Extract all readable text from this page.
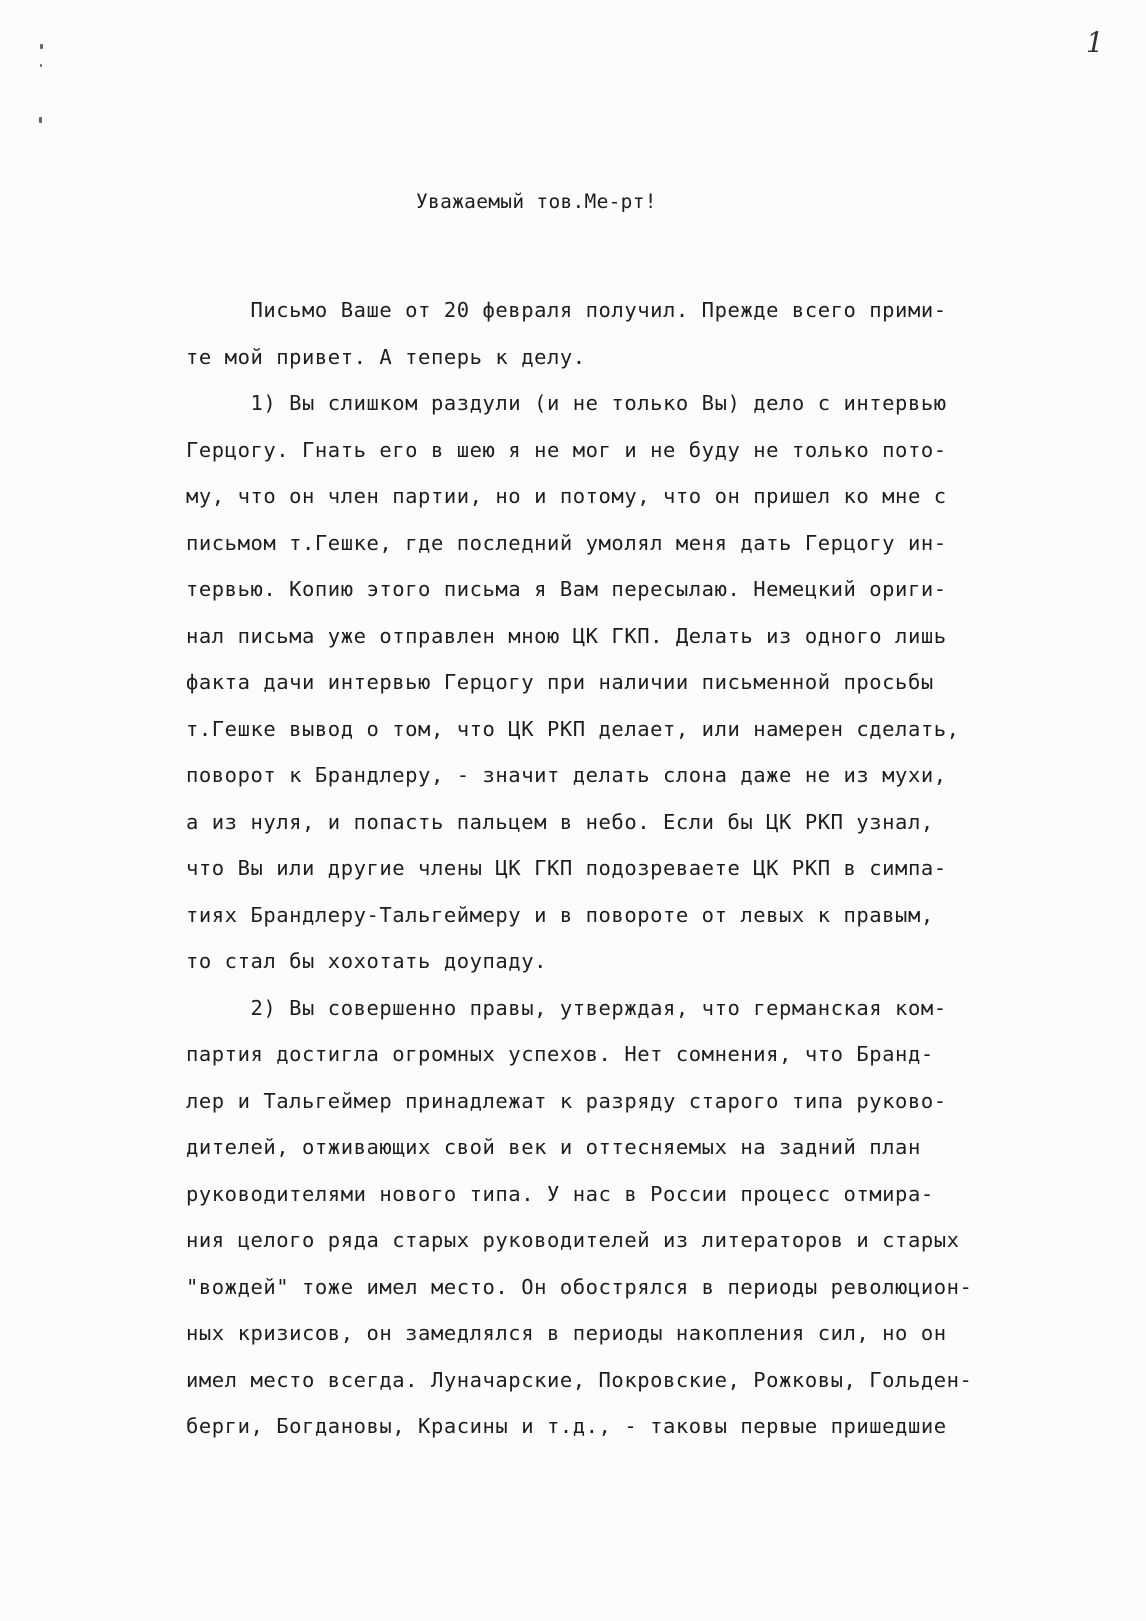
1
Уважаемый тов.Ме-рт!
Письмо Ваше от 20 февраля получил. Прежде всего прими-
те мой привет. А теперь к делу.
1) Вы слишком раздули (и не только Вы) дело с интервью
Герцогу. Гнать его в шею я не мог и не буду не только пото-
му, что он член партии, но и потому, что он пришел ко мне с
письмом т.Гешке, где последний умолял меня дать Герцогу ин-
тервью. Копию этого письма я Вам пересылаю. Немецкий ориги-
нал письма уже отправлен мною ЦК ГКП. Делать из одного лишь
факта дачи интервью Герцогу при наличии письменной просьбы
т.Гешке вывод о том, что ЦК РКП делает, или намерен сделать,
поворот к Брандлеру, - значит делать слона даже не из мухи,
а из нуля, и попасть пальцем в небо. Если бы ЦК РКП узнал,
что Вы или другие члены ЦК ГКП подозреваете ЦК РКП в симпа-
тиях Брандлеру-Тальгеймеру и в повороте от левых к правым,
то стал бы хохотать доупаду.
2) Вы совершенно правы, утверждая, что германская ком-
партия достигла огромных успехов. Нет сомнения, что Бранд-
лер и Тальгеймер принадлежат к разряду старого типа руково-
дителей, отживающих свой век и оттесняемых на задний план
руководителями нового типа. У нас в России процесс отмира-
ния целого ряда старых руководителей из литераторов и старых
"вождей" тоже имел место. Он обострялся в периоды революцион-
ных кризисов, он замедлялся в периоды накопления сил, но он
имел место всегда. Луначарские, Покровские, Рожковы, Гольден-
берги, Богдановы, Красины и т.д., - таковы первые пришедшие
